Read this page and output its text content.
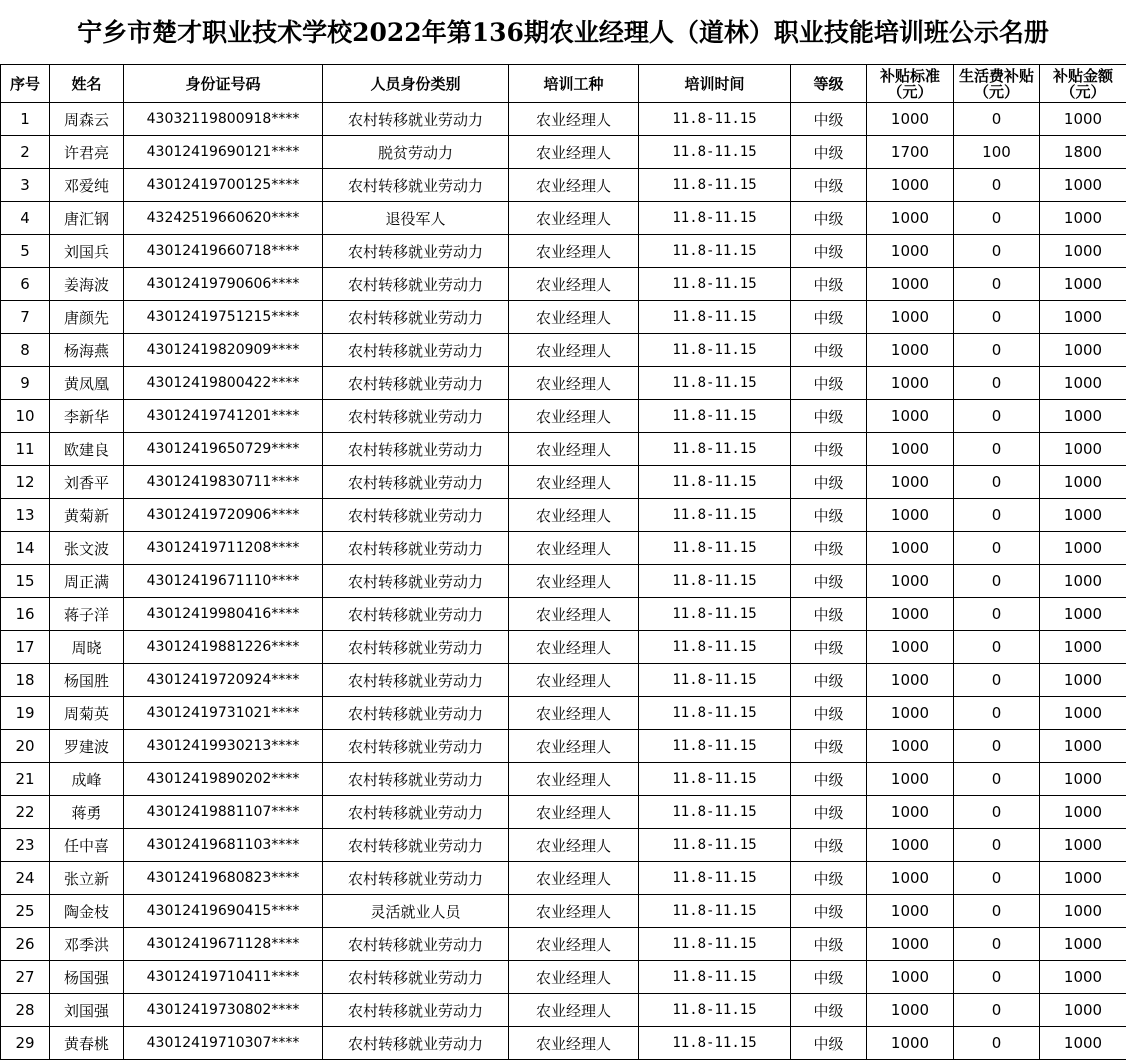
宁乡市楚才职业技术学校2022年第136期农业经理人（道林）职业技能培训班公示名册
序号	姓名	身份证号码	人员身份类别	培训工种	培训时间	等级	补贴标准（元）	生活费补贴（元）	补贴金额（元）
1	周森云	43032119800918****	农村转移就业劳动力	农业经理人	11.8-11.15	中级	1000	0	1000
2	许君亮	43012419690121****	脱贫劳动力	农业经理人	11.8-11.15	中级	1700	100	1800
3	邓爱纯	43012419700125****	农村转移就业劳动力	农业经理人	11.8-11.15	中级	1000	0	1000
4	唐汇钢	43242519660620****	退役军人	农业经理人	11.8-11.15	中级	1000	0	1000
5	刘国兵	43012419660718****	农村转移就业劳动力	农业经理人	11.8-11.15	中级	1000	0	1000
6	姜海波	43012419790606****	农村转移就业劳动力	农业经理人	11.8-11.15	中级	1000	0	1000
7	唐颜先	43012419751215****	农村转移就业劳动力	农业经理人	11.8-11.15	中级	1000	0	1000
8	杨海燕	43012419820909****	农村转移就业劳动力	农业经理人	11.8-11.15	中级	1000	0	1000
9	黄凤凰	43012419800422****	农村转移就业劳动力	农业经理人	11.8-11.15	中级	1000	0	1000
10	李新华	43012419741201****	农村转移就业劳动力	农业经理人	11.8-11.15	中级	1000	0	1000
11	欧建良	43012419650729****	农村转移就业劳动力	农业经理人	11.8-11.15	中级	1000	0	1000
12	刘香平	43012419830711****	农村转移就业劳动力	农业经理人	11.8-11.15	中级	1000	0	1000
13	黄菊新	43012419720906****	农村转移就业劳动力	农业经理人	11.8-11.15	中级	1000	0	1000
14	张文波	43012419711208****	农村转移就业劳动力	农业经理人	11.8-11.15	中级	1000	0	1000
15	周正满	43012419671110****	农村转移就业劳动力	农业经理人	11.8-11.15	中级	1000	0	1000
16	蒋子洋	43012419980416****	农村转移就业劳动力	农业经理人	11.8-11.15	中级	1000	0	1000
17	周晓	43012419881226****	农村转移就业劳动力	农业经理人	11.8-11.15	中级	1000	0	1000
18	杨国胜	43012419720924****	农村转移就业劳动力	农业经理人	11.8-11.15	中级	1000	0	1000
19	周菊英	43012419731021****	农村转移就业劳动力	农业经理人	11.8-11.15	中级	1000	0	1000
20	罗建波	43012419930213****	农村转移就业劳动力	农业经理人	11.8-11.15	中级	1000	0	1000
21	成峰	43012419890202****	农村转移就业劳动力	农业经理人	11.8-11.15	中级	1000	0	1000
22	蒋勇	43012419881107****	农村转移就业劳动力	农业经理人	11.8-11.15	中级	1000	0	1000
23	任中喜	43012419681103****	农村转移就业劳动力	农业经理人	11.8-11.15	中级	1000	0	1000
24	张立新	43012419680823****	农村转移就业劳动力	农业经理人	11.8-11.15	中级	1000	0	1000
25	陶金枝	43012419690415****	灵活就业人员	农业经理人	11.8-11.15	中级	1000	0	1000
26	邓季洪	43012419671128****	农村转移就业劳动力	农业经理人	11.8-11.15	中级	1000	0	1000
27	杨国强	43012419710411****	农村转移就业劳动力	农业经理人	11.8-11.15	中级	1000	0	1000
28	刘国强	43012419730802****	农村转移就业劳动力	农业经理人	11.8-11.15	中级	1000	0	1000
29	黄春桃	43012419710307****	农村转移就业劳动力	农业经理人	11.8-11.15	中级	1000	0	1000
